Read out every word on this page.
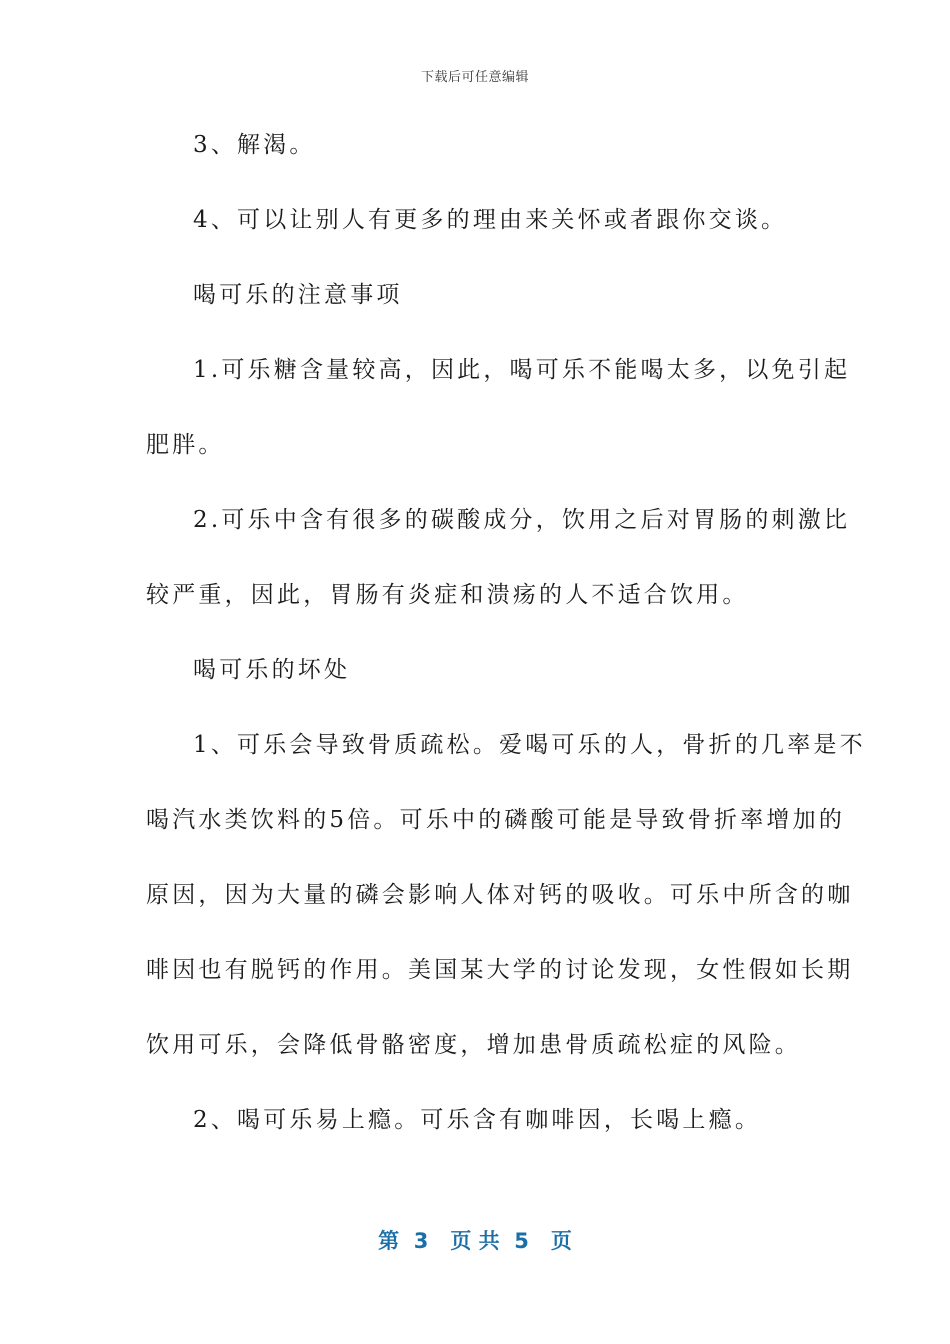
下载后可任意编辑
3、解渴。
4、可以让别人有更多的理由来关怀或者跟你交谈。
喝可乐的注意事项
1.可乐糖含量较高，因此，喝可乐不能喝太多，以免引起
肥胖。
2.可乐中含有很多的碳酸成分，饮用之后对胃肠的刺激比
较严重，因此，胃肠有炎症和溃疡的人不适合饮用。
喝可乐的坏处
1、可乐会导致骨质疏松。爱喝可乐的人，骨折的几率是不
喝汽水类饮料的5倍。可乐中的磷酸可能是导致骨折率增加的
原因，因为大量的磷会影响人体对钙的吸收。可乐中所含的咖
啡因也有脱钙的作用。美国某大学的讨论发现，女性假如长期
饮用可乐，会降低骨骼密度，增加患骨质疏松症的风险。
2、喝可乐易上瘾。可乐含有咖啡因，长喝上瘾。
第  3   页 共  5   页
